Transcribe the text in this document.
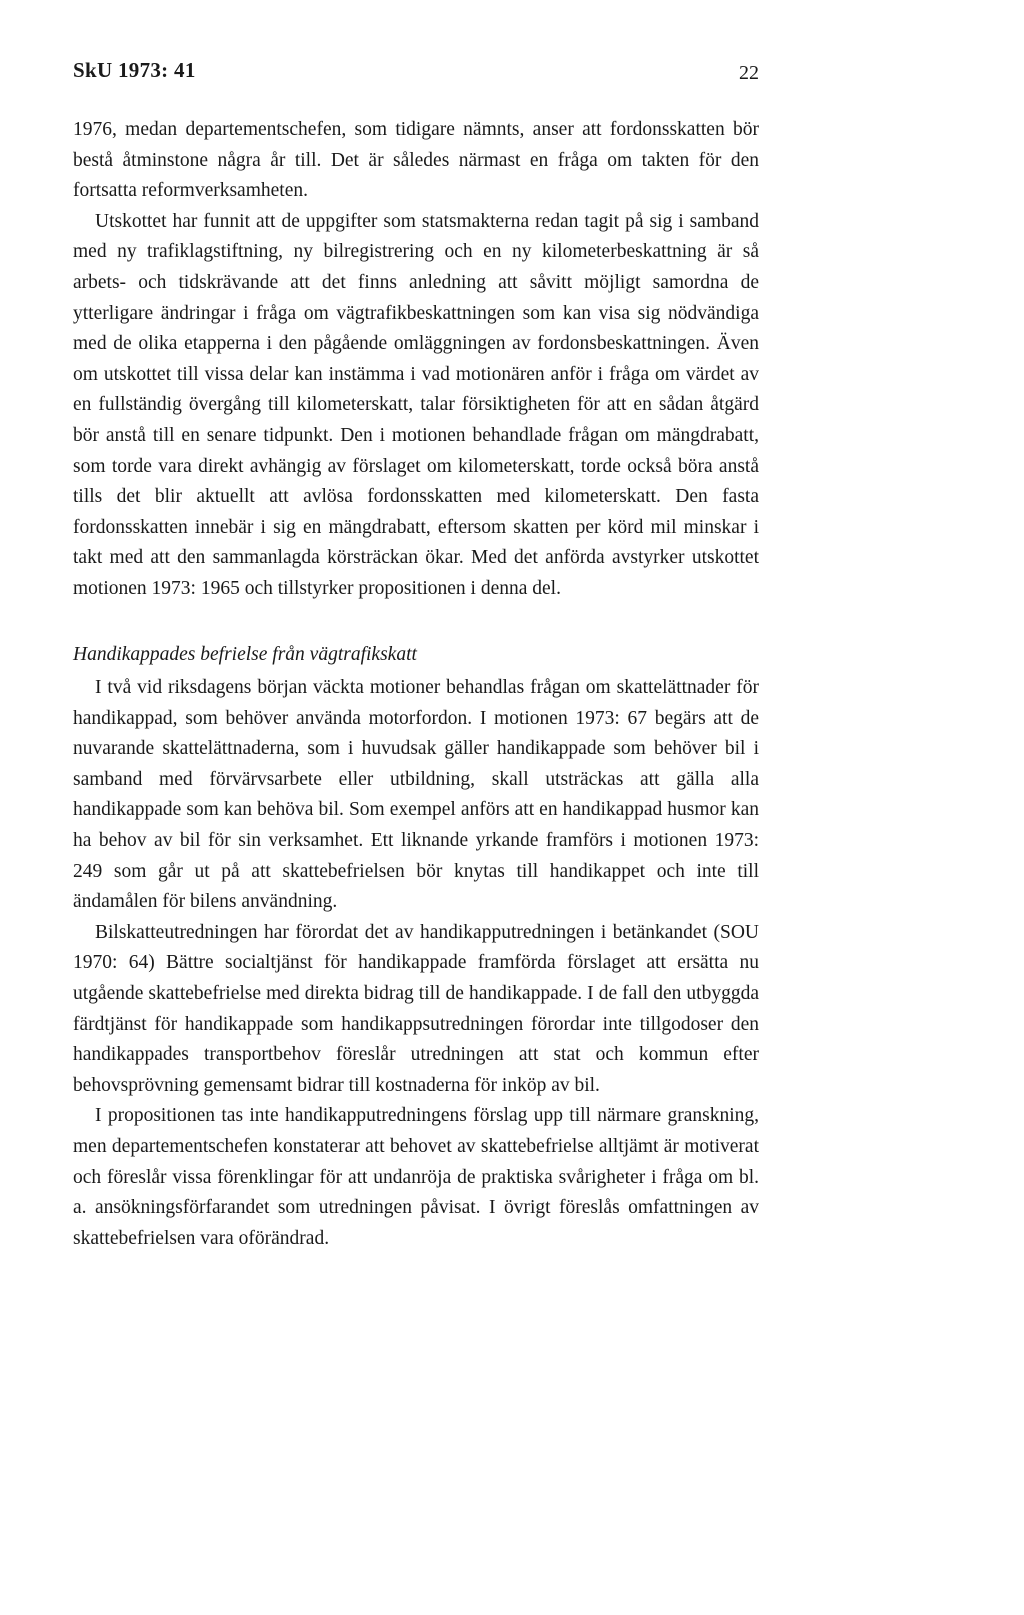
SkU 1973: 41	22

1976, medan departementschefen, som tidigare nämnts, anser att fordonsskatten bör bestå åtminstone några år till. Det är således närmast en fråga om takten för den fortsatta reformverksamheten.

Utskottet har funnit att de uppgifter som statsmakterna redan tagit på sig i samband med ny trafiklagstiftning, ny bilregistrering och en ny kilometerbeskattning är så arbets- och tidskrävande att det finns anledning att såvitt möjligt samordna de ytterligare ändringar i fråga om vägtrafikbeskattningen som kan visa sig nödvändiga med de olika etapperna i den pågående omläggningen av fordonsbeskattningen. Även om utskottet till vissa delar kan instämma i vad motionären anför i fråga om värdet av en fullständig övergång till kilometerskatt, talar försiktigheten för att en sådan åtgärd bör anstå till en senare tidpunkt. Den i motionen behandlade frågan om mängdrabatt, som torde vara direkt avhängig av förslaget om kilometerskatt, torde också böra anstå tills det blir aktuellt att avlösa fordonsskatten med kilometerskatt. Den fasta fordonsskatten innebär i sig en mängdrabatt, eftersom skatten per körd mil minskar i takt med att den sammanlagda körsträckan ökar. Med det anförda avstyrker utskottet motionen 1973: 1965 och tillstyrker propositionen i denna del.

Handikappades befrielse från vägtrafikskatt

I två vid riksdagens början väckta motioner behandlas frågan om skattelättnader för handikappad, som behöver använda motorfordon. I motionen 1973: 67 begärs att de nuvarande skattelättnaderna, som i huvudsak gäller handikappade som behöver bil i samband med förvärvsarbete eller utbildning, skall utsträckas att gälla alla handikappade som kan behöva bil. Som exempel anförs att en handikappad husmor kan ha behov av bil för sin verksamhet. Ett liknande yrkande framförs i motionen 1973: 249 som går ut på att skattebefrielsen bör knytas till handikappet och inte till ändamålen för bilens användning.

Bilskatteutredningen har förordat det av handikapputredningen i betänkandet (SOU 1970: 64) Bättre socialtjänst för handikappade framförda förslaget att ersätta nu utgående skattebefrielse med direkta bidrag till de handikappade. I de fall den utbyggda färdtjänst för handikappade som handikappsutredningen förordar inte tillgodoser den handikappades transportbehov föreslår utredningen att stat och kommun efter behovsprövning gemensamt bidrar till kostnaderna för inköp av bil.

I propositionen tas inte handikapputredningens förslag upp till närmare granskning, men departementschefen konstaterar att behovet av skattebefrielse alltjämt är motiverat och föreslår vissa förenklingar för att undanröja de praktiska svårigheter i fråga om bl. a. ansökningsförfarandet som utredningen påvisat. I övrigt föreslås omfattningen av skattebefrielsen vara oförändrad.
